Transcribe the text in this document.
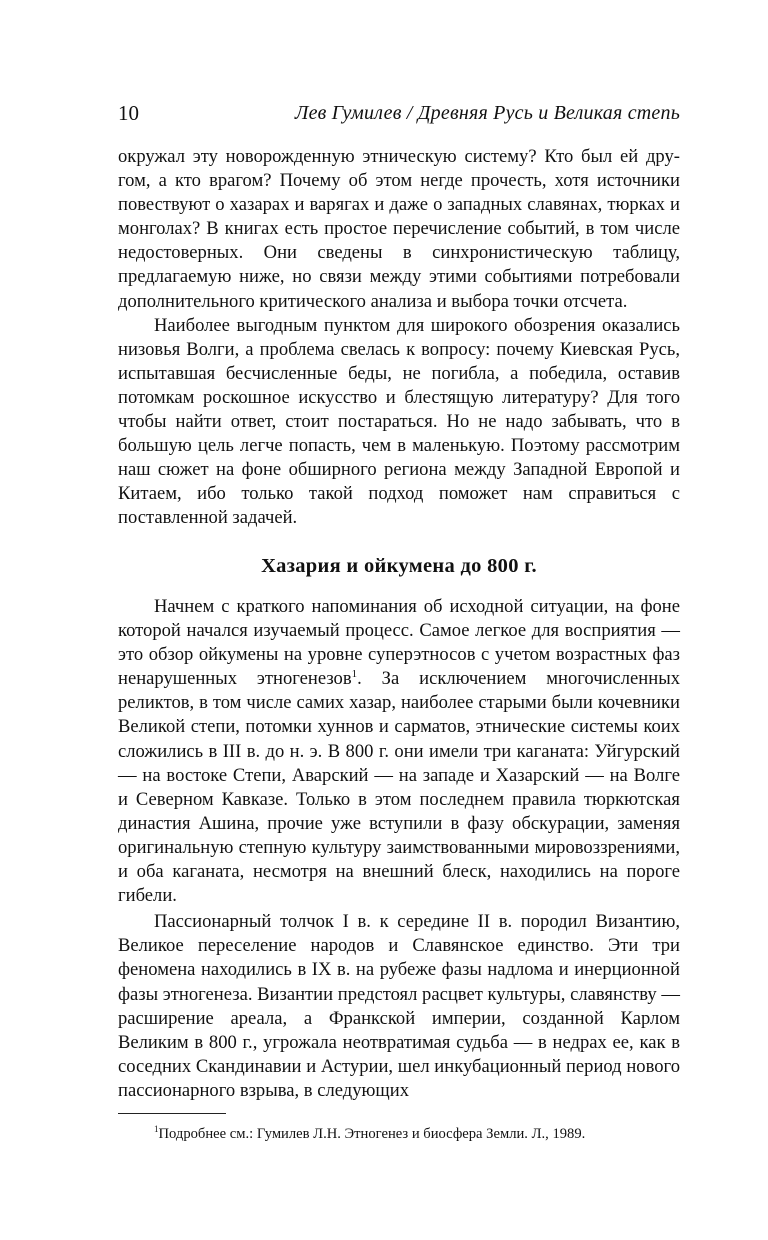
10	Лев Гумилев / Древняя Русь и Великая степь

окружал эту новорожденную этническую систему? Кто был ей другом, а кто врагом? Почему об этом негде прочесть, хотя источники повествуют о хазарах и варягах и даже о западных славянах, тюрках и монголах? В книгах есть простое перечисление событий, в том числе недостоверных. Они сведены в синхронистическую таблицу, предлагаемую ниже, но связи между этими событиями потребовали дополнительного критического анализа и выбора точки отсчета.

Наиболее выгодным пунктом для широкого обозрения оказались низовья Волги, а проблема свелась к вопросу: почему Киевская Русь, испытавшая бесчисленные беды, не погибла, а победила, оставив потомкам роскошное искусство и блестящую литературу? Для того чтобы найти ответ, стоит постараться. Но не надо забывать, что в большую цель легче попасть, чем в маленькую. Поэтому рассмотрим наш сюжет на фоне обширного региона между Западной Европой и Китаем, ибо только такой подход поможет нам справиться с поставленной задачей.

Хазария и ойкумена до 800 г.

Начнем с краткого напоминания об исходной ситуации, на фоне которой начался изучаемый процесс. Самое легкое для восприятия — это обзор ойкумены на уровне суперэтносов с учетом возрастных фаз ненарушенных этногенезов$^1$. За исключением многочисленных реликтов, в том числе самих хазар, наиболее старыми были кочевники Великой степи, потомки хуннов и сарматов, этнические системы коих сложились в III в. до н. э. В 800 г. они имели три каганата: Уйгурский — на востоке Степи, Аварский — на западе и Хазарский — на Волге и Северном Кавказе. Только в этом последнем правила тюркютская династия Ашина, прочие уже вступили в фазу обскурации, заменяя оригинальную степную культуру заимствованными мировоззрениями, и оба каганата, несмотря на внешний блеск, находились на пороге гибели.

Пассионарный толчок I в. к середине II в. породил Византию, Великое переселение народов и Славянское единство. Эти три феномена находились в IX в. на рубеже фазы надлома и инерционной фазы этногенеза. Византии предстоял расцвет культуры, славянству — расширение ареала, а Франкской империи, созданной Карлом Великим в 800 г., угрожала неотвратимая судьба — в недрах ее, как в соседних Скандинавии и Астурии, шел инкубационный период нового пассионарного взрыва, в следующих

$^1$Подробнее см.: Гумилев Л.Н. Этногенез и биосфера Земли. Л., 1989.
